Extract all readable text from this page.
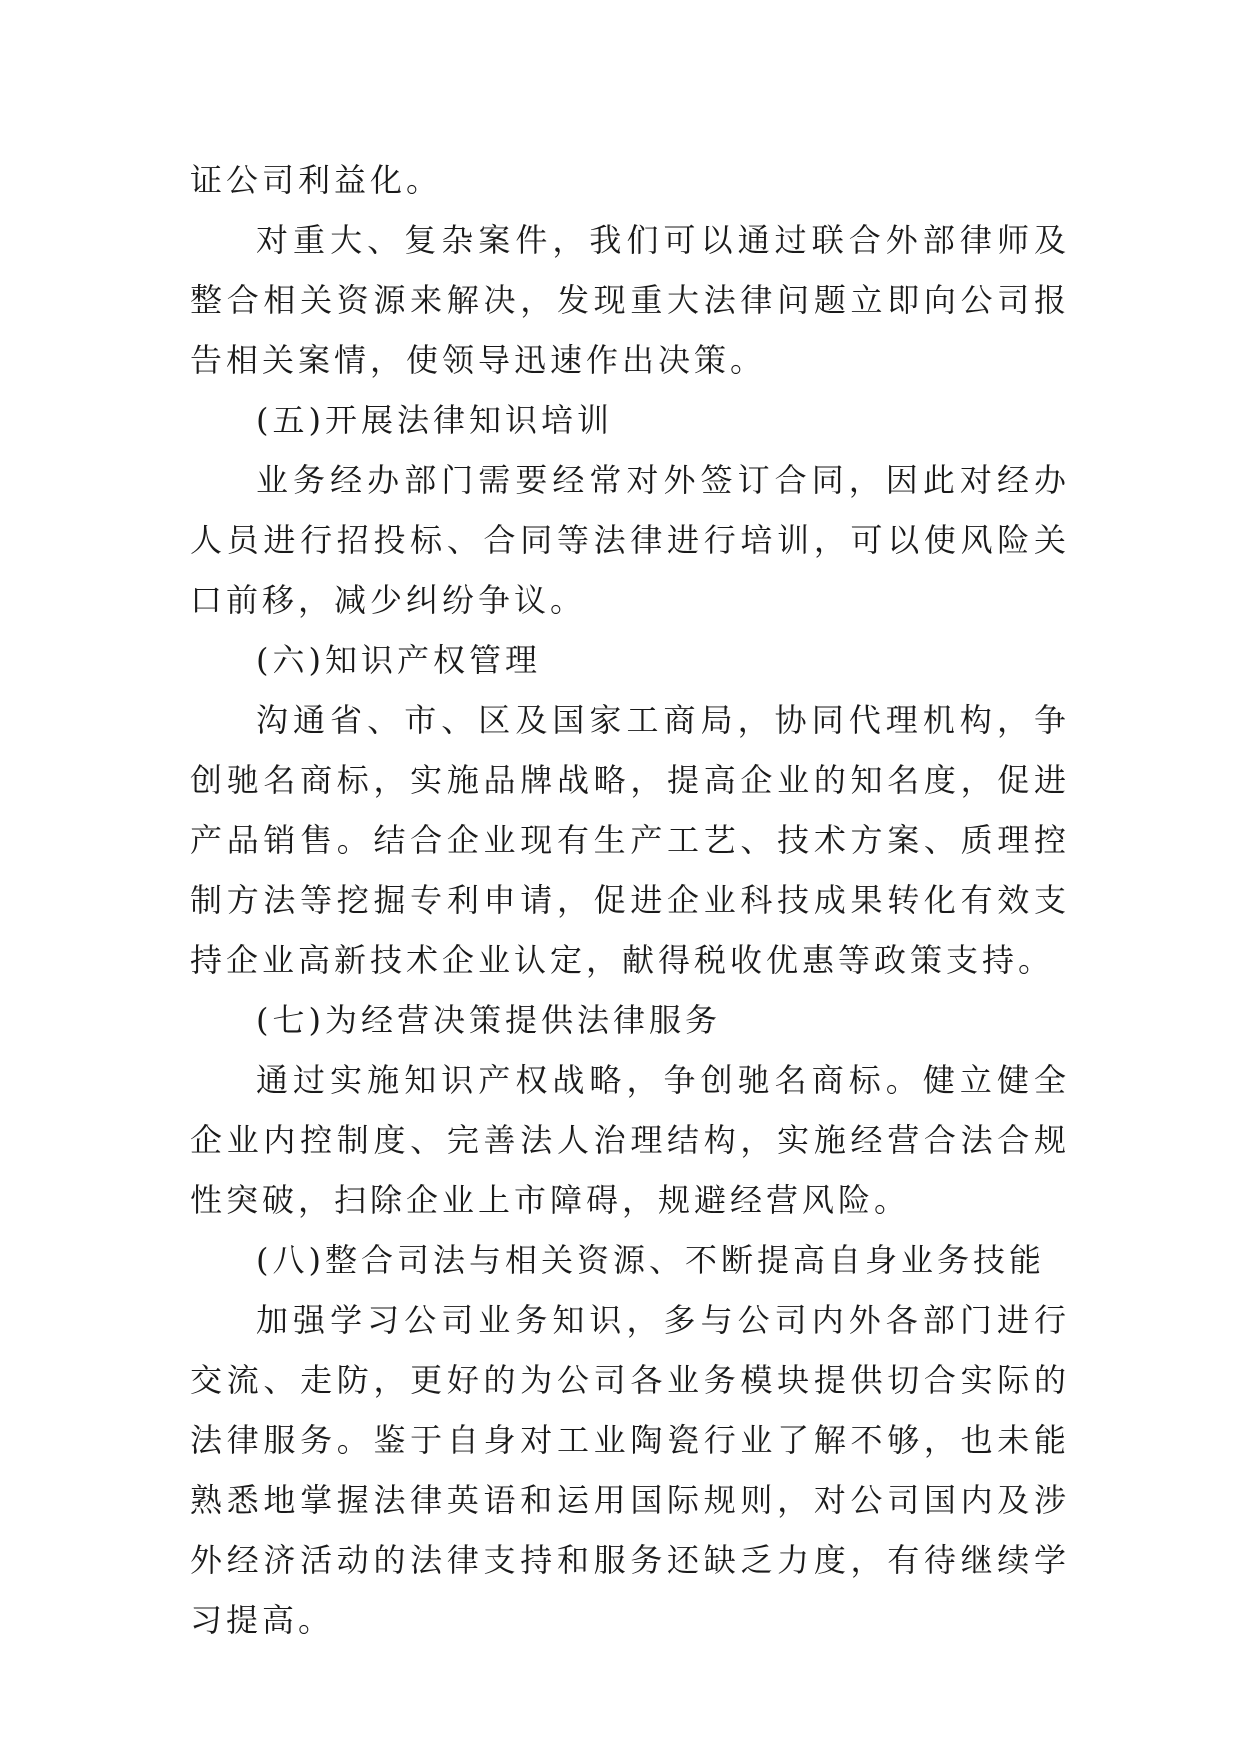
证公司利益化。

对重大、复杂案件，我们可以通过联合外部律师及整合相关资源来解决，发现重大法律问题立即向公司报告相关案情，使领导迅速作出决策。

(五)开展法律知识培训

业务经办部门需要经常对外签订合同，因此对经办人员进行招投标、合同等法律进行培训，可以使风险关口前移，减少纠纷争议。

(六)知识产权管理

沟通省、市、区及国家工商局，协同代理机构，争创驰名商标，实施品牌战略，提高企业的知名度，促进产品销售。结合企业现有生产工艺、技术方案、质理控制方法等挖掘专利申请，促进企业科技成果转化有效支持企业高新技术企业认定，献得税收优惠等政策支持。

(七)为经营决策提供法律服务

通过实施知识产权战略，争创驰名商标。健立健全企业内控制度、完善法人治理结构，实施经营合法合规性突破，扫除企业上市障碍，规避经营风险。

(八)整合司法与相关资源、不断提高自身业务技能

加强学习公司业务知识，多与公司内外各部门进行交流、走防，更好的为公司各业务模块提供切合实际的法律服务。鉴于自身对工业陶瓷行业了解不够，也未能熟悉地掌握法律英语和运用国际规则，对公司国内及涉外经济活动的法律支持和服务还缺乏力度，有待继续学习提高。
